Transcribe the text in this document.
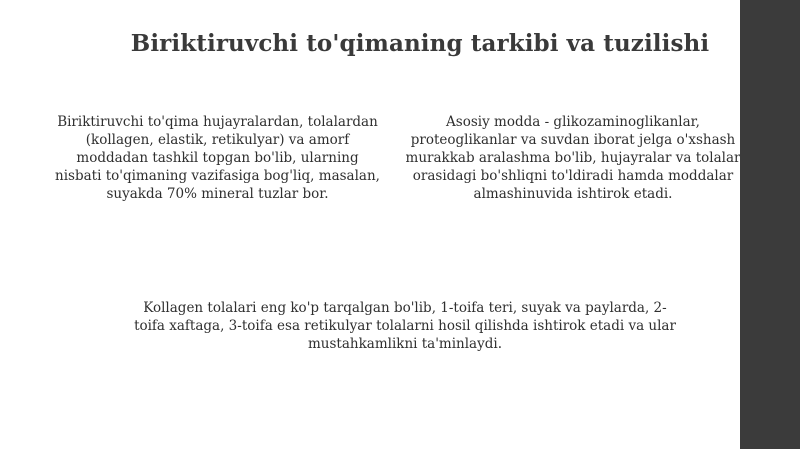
Biriktiruvchi to'qimaning tarkibi va tuzilishi
Biriktiruvchi to'qima hujayralardan, tolalardan (kollagen, elastik, retikulyar) va amorf moddadan tashkil topgan bo'lib, ularning nisbati to'qimaning vazifasiga bog'liq, masalan, suyakda 70% mineral tuzlar bor.
Asosiy modda - glikozaminoglikanlar, proteoglikanlar va suvdan iborat jelga o'xshash murakkab aralashma bo'lib, hujayralar va tolalar orasidagi bo'shliqni to'ldiradi hamda moddalar almashinuvida ishtirok etadi.
Kollagen tolalari eng ko'p tarqalgan bo'lib, 1-toifa teri, suyak va paylarda, 2-toifa xaftaga, 3-toifa esa retikulyar tolalarni hosil qilishda ishtirok etadi va ular mustahkamlikni ta'minlaydi.
